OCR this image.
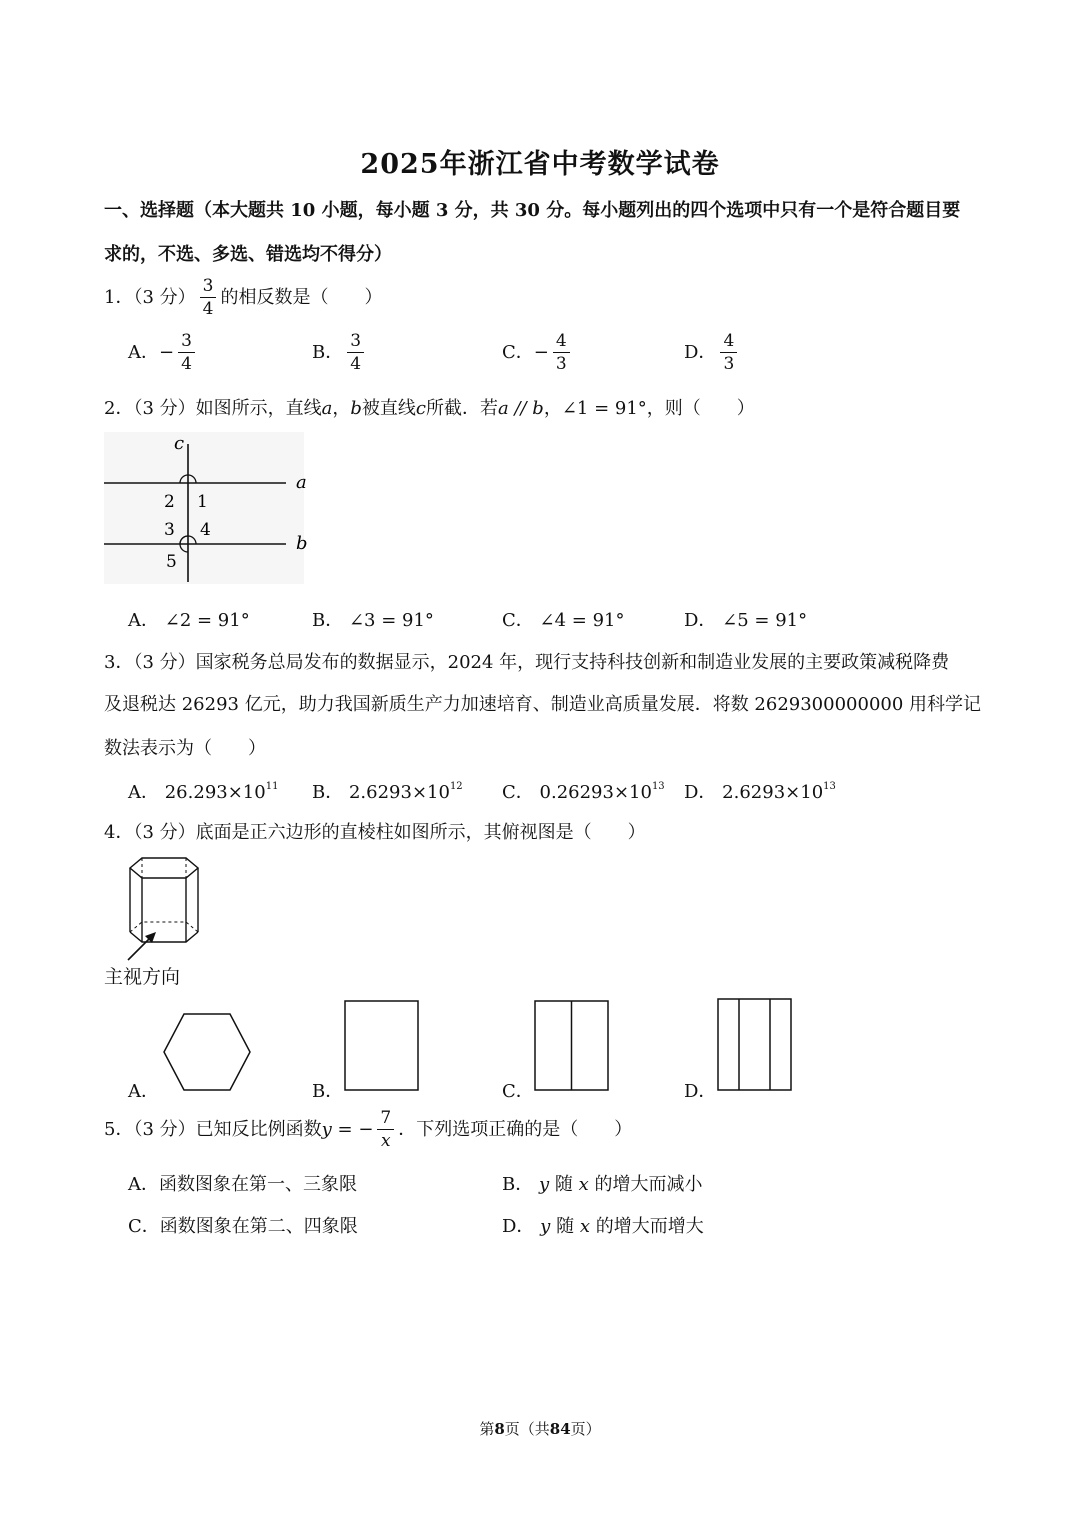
2025年浙江省中考数学试卷
一、选择题（本大题共 10 小题，每小题 3 分，共 30 分。每小题列出的四个选项中只有一个是符合题目要
求的，不选、多选、错选均不得分）
1．（3 分） $\frac{3}{4}$ 的相反数是（　　）
A．− $\frac{3}{4}$	B． $\frac{3}{4}$	C．− $\frac{4}{3}$	D． $\frac{4}{3}$
2．（3 分）如图所示，直线a，b被直线c所截．若a // b，∠1 = 91°，则（　　）
c
a
b
2 1
3 4
5
A． ∠2 = 91°	B． ∠3 = 91°	C． ∠4 = 91°	D． ∠5 = 91°
3．（3 分）国家税务总局发布的数据显示，2024 年，现行支持科技创新和制造业发展的主要政策减税降费
及退税达 26293 亿元，助力我国新质生产力加速培育、制造业高质量发展．将数 2629300000000 用科学记
数法表示为（　　）
A． $26.293\times 10^{11}$ B． $2.6293\times 10^{12}$ C． $0.26293\times 10^{13}$ D． $2.6293\times 10^{13}$
4．（3 分）底面是正六边形的直棱柱如图所示，其俯视图是（　　）
主视方向
A．	B．	C．	D．
5．（3 分）已知反比例函数y = − $\frac{7}{x}$ ．下列选项正确的是（　　）
A．函数图象在第一、三象限	B． y 随 x 的增大而减小
C．函数图象在第二、四象限	D． y 随 x 的增大而增大
第8页（共84页）
